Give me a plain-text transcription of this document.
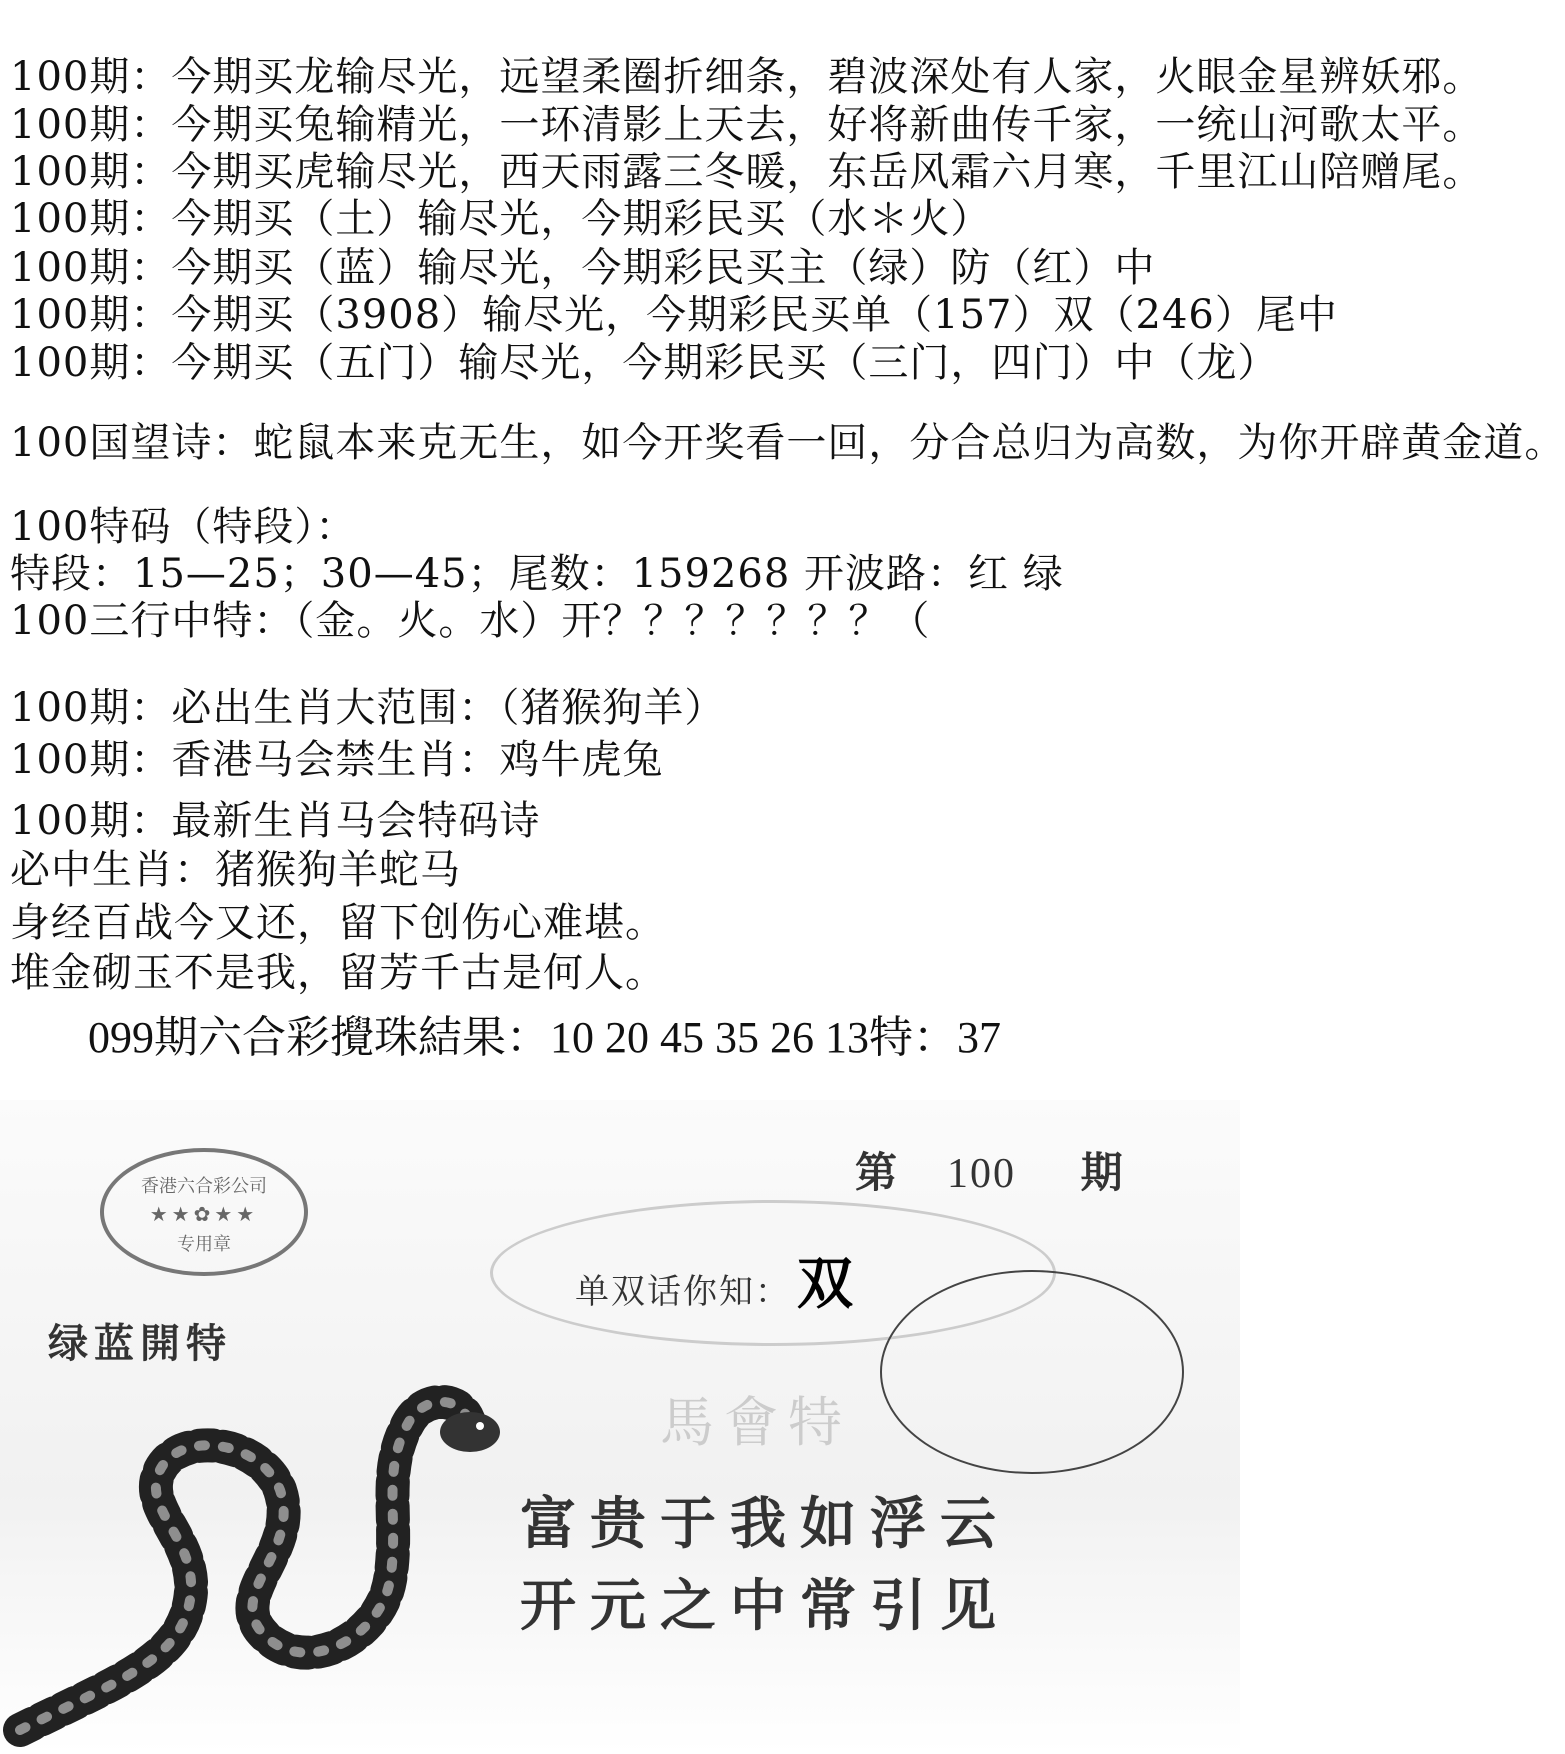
100期：今期买龙输尽光，远望柔圈折细条，碧波深处有人家，火眼金星辨妖邪。
100期：今期买兔输精光，一环清影上天去，好将新曲传千家，一统山河歌太平。
100期：今期买虎输尽光，西天雨露三冬暖，东岳风霜六月寒，千里江山陪赠尾。
100期：今期买（土）输尽光，今期彩民买（水＊火）
100期：今期买（蓝）输尽光，今期彩民买主（绿）防（红）中
100期：今期买（3908）输尽光，今期彩民买单（157）双（246）尾中
100期：今期买（五门）输尽光，今期彩民买（三门，四门）中（龙）
100国望诗：蛇鼠本来克无生，如今开奖看一回，分合总归为高数，为你开辟黄金道。
100特码（特段）：
特段：15—25；30—45；尾数：159268 开波路：红 绿
100三行中特：（金。火。水）开？？？？？？？（
100期：必出生肖大范围：（猪猴狗羊）
100期：香港马会禁生肖：鸡牛虎兔
100期：最新生肖马会特码诗
必中生肖：猪猴狗羊蛇马
身经百战今又还，留下创伤心难堪。
堆金砌玉不是我，留芳千古是何人。
099期六合彩攪珠結果：10 20 45 35 26 13特：37
香港六合彩公司
★★✿★★
专用章
第100 期
单双话你知： 双
绿蓝開特
馬會特
富贵于我如浮云
开元之中常引见
